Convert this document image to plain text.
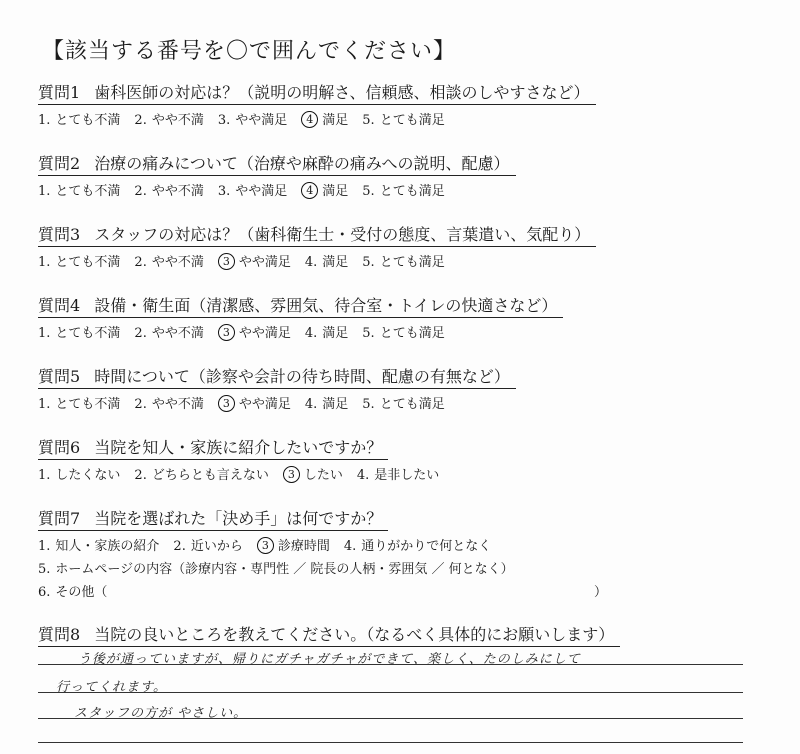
【該当する番号を〇で囲んでください】
質問1 歯科医師の対応は？（説明の明解さ、信頼感、相談のしやすさなど）
1. とても不満 2. やや不満 3. やや満足 4 満足 5. とても満足
質問2 治療の痛みについて（治療や麻酔の痛みへの説明、配慮）
1. とても不満 2. やや不満 3. やや満足 4 満足 5. とても満足
質問3 スタッフの対応は？（歯科衛生士・受付の態度、言葉遣い、気配り）
1. とても不満 2. やや不満 3 やや満足 4. 満足 5. とても満足
質問4 設備・衛生面（清潔感、雰囲気、待合室・トイレの快適さなど）
1. とても不満 2. やや不満 3 やや満足 4. 満足 5. とても満足
質問5 時間について（診察や会計の待ち時間、配慮の有無など）
1. とても不満 2. やや不満 3 やや満足 4. 満足 5. とても満足
質問6 当院を知人・家族に紹介したいですか？
1. したくない 2. どちらとも言えない 3 したい 4. 是非したい
質問7 当院を選ばれた「決め手」は何ですか？
1. 知人・家族の紹介 2. 近いから 3 診療時間 4. 通りがかりで何となく
5. ホームページの内容（診療内容・専門性 ／ 院長の人柄・雰囲気 ／ 何となく）
6. その他（	）
質問8 当院の良いところを教えてください。（なるべく具体的にお願いします）
う後が通っていますが、帰りにガチャガチャができて、楽しく、たのしみにして
行ってくれます。
スタッフの方が やさしい。
